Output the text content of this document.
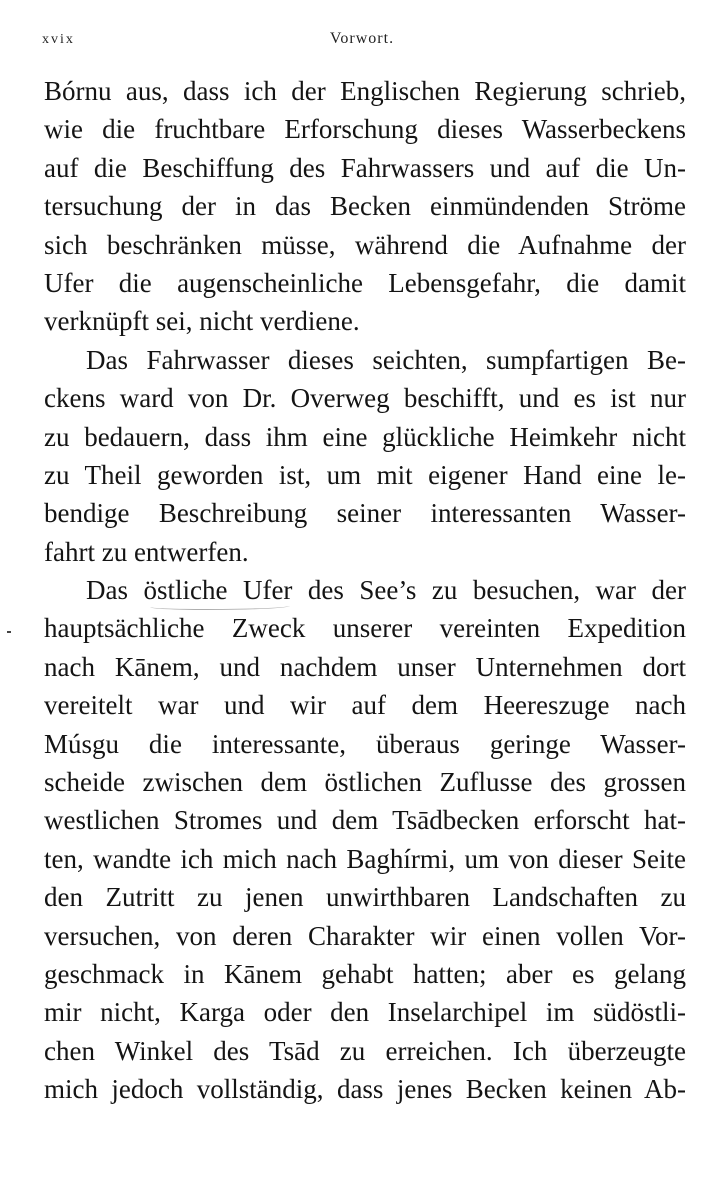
xvix	Vorwort.
Bórnu aus, dass ich der Englischen Regierung schrieb,
wie die fruchtbare Erforschung dieses Wasserbeckens
auf die Beschiffung des Fahrwassers und auf die Un-
tersuchung der in das Becken einmündenden Ströme
sich beschränken müsse, während die Aufnahme der
Ufer die augenscheinliche Lebensgefahr, die damit
verknüpft sei, nicht verdiene.
Das Fahrwasser dieses seichten, sumpfartigen Be-
ckens ward von Dr. Overweg beschifft, und es ist nur
zu bedauern, dass ihm eine glückliche Heimkehr nicht
zu Theil geworden ist, um mit eigener Hand eine le-
bendige Beschreibung seiner interessanten Wasser-
fahrt zu entwerfen.
Das östliche Ufer des See’s zu besuchen, war der
hauptsächliche Zweck unserer vereinten Expedition
nach Kānem, und nachdem unser Unternehmen dort
vereitelt war und wir auf dem Heereszuge nach
Músgu die interessante, überaus geringe Wasser-
scheide zwischen dem östlichen Zuflusse des grossen
westlichen Stromes und dem Tsādbecken erforscht hat-
ten, wandte ich mich nach Baghírmi, um von dieser Seite
den Zutritt zu jenen unwirthbaren Landschaften zu
versuchen, von deren Charakter wir einen vollen Vor-
geschmack in Kānem gehabt hatten; aber es gelang
mir nicht, Karga oder den Inselarchipel im südöstli-
chen Winkel des Tsād zu erreichen. Ich überzeugte
mich jedoch vollständig, dass jenes Becken keinen Ab-
